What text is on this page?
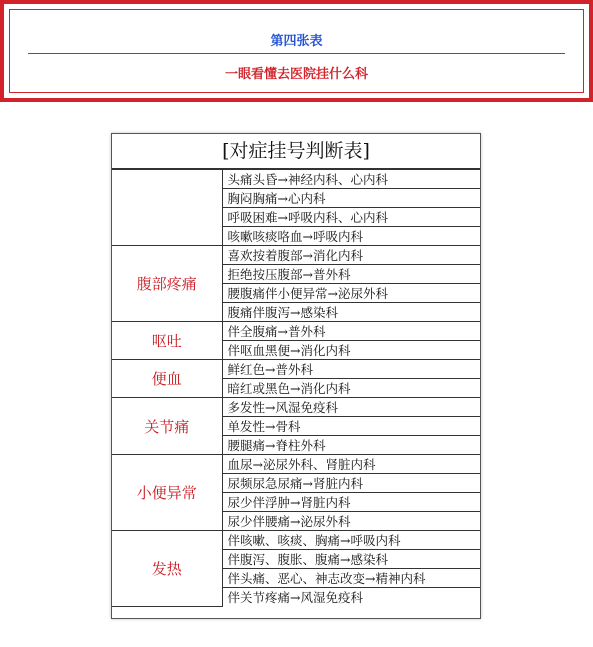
第四张表
一眼看懂去医院挂什么科
[对症挂号判断表]
	头痛头昏→神经内科、心内科
	胸闷胸痛→心内科
	呼吸困难→呼吸内科、心内科
	咳嗽咳痰咯血→呼吸内科
腹部疼痛	喜欢按着腹部→消化内科
	拒绝按压腹部→普外科
	腰腹痛伴小便异常→泌尿外科
	腹痛伴腹泻→感染科
呕吐	伴全腹痛→普外科
	伴呕血黑便→消化内科
便血	鲜红色→普外科
	暗红或黑色→消化内科
关节痛	多发性→风湿免疫科
	单发性→骨科
	腰腿痛→脊柱外科
小便异常	血尿→泌尿外科、肾脏内科
	尿频尿急尿痛→肾脏内科
	尿少伴浮肿→肾脏内科
	尿少伴腰痛→泌尿外科
发热	伴咳嗽、咳痰、胸痛→呼吸内科
	伴腹泻、腹胀、腹痛→感染科
	伴头痛、恶心、神志改变→精神内科
	伴关节疼痛→风湿免疫科
